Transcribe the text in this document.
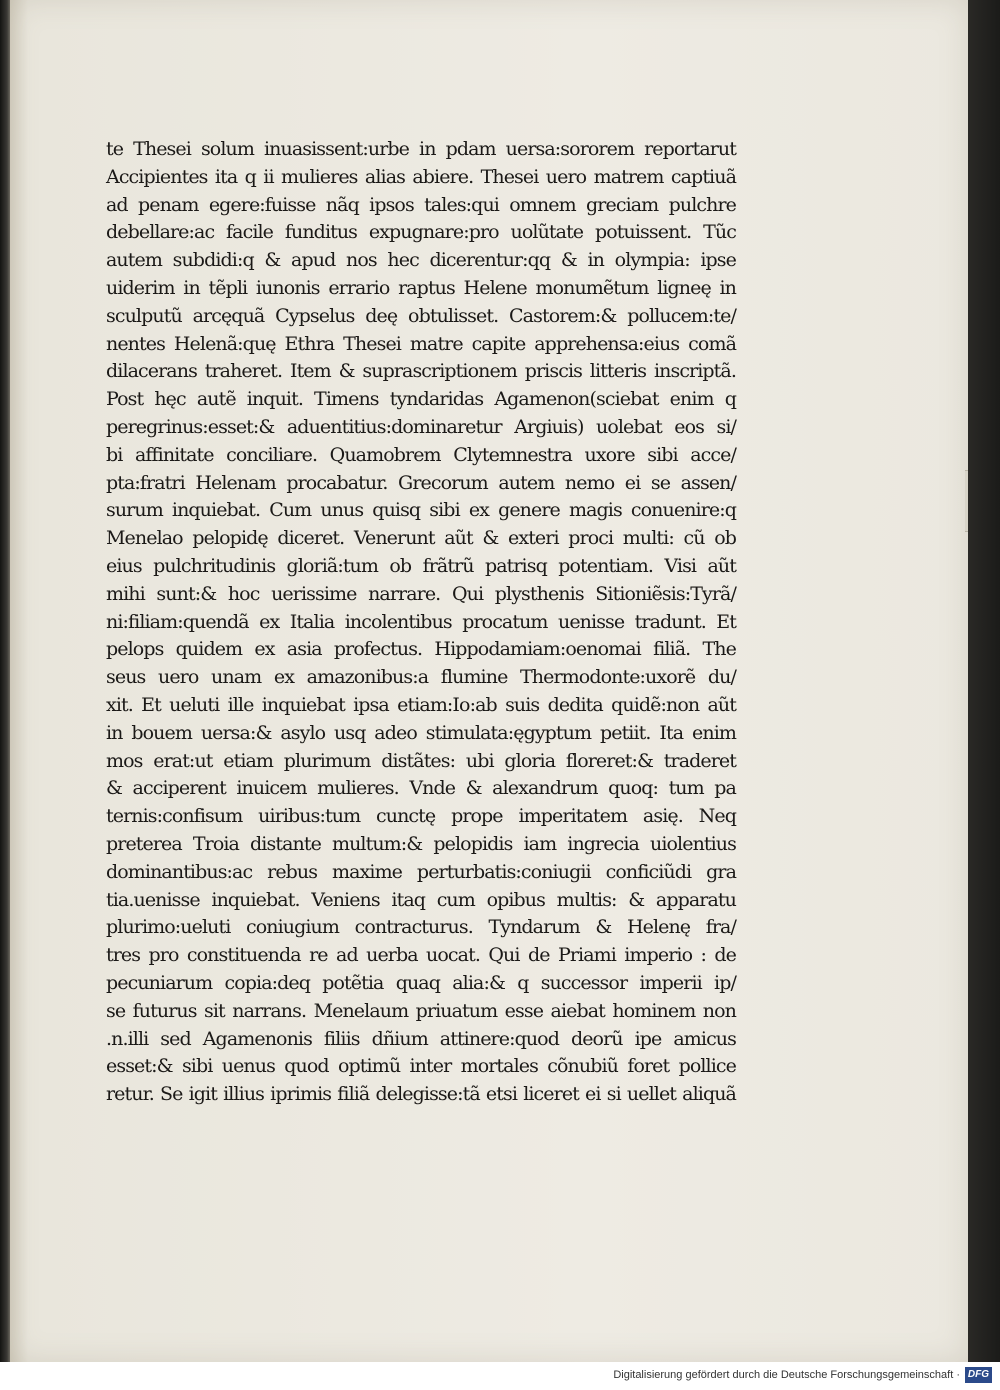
te Thesei solum inuasissent:urbe in pdam uersa:sororem reportarut

Accipientes ita q ii mulieres alias abiere. Thesei uero matrem captiuã

ad penam egere:fuisse nãq ipsos tales:qui omnem greciam pulchre

debellare:ac facile funditus expugnare:pro uolũtate potuissent. Tũc

autem subdidi:q & apud nos hec dicerentur:qq & in olympia: ipse

uiderim in tẽpli iunonis errario raptus Helene monumẽtum ligneę in

sculputũ arcęquã Cypselus deę obtulisset. Castorem:& pollucem:te/

nentes Helenã:quę Ethra Thesei matre capite apprehensa:eius comã

dilacerans traheret. Item & suprascriptionem priscis litteris inscriptã.

Post hęc autẽ inquit. Timens tyndaridas Agamenon(sciebat enim q

peregrinus:esset:& aduentitius:dominaretur Argiuis) uolebat eos si/

bi affinitate conciliare. Quamobrem Clytemnestra uxore sibi acce/

pta:fratri Helenam procabatur. Grecorum autem nemo ei se assen/

surum inquiebat. Cum unus quisq sibi ex genere magis conuenire:q

Menelao pelopidę diceret. Venerunt aũt & exteri proci multi: cũ ob

eius pulchritudinis gloriã:tum ob frãtrũ patrisq potentiam. Visi aũt

mihi sunt:& hoc uerissime narrare. Qui plysthenis Sitioniẽsis:Tyrã/

ni:filiam:quendã ex Italia incolentibus procatum uenisse tradunt. Et

pelops quidem ex asia profectus. Hippodamiam:oenomai filiã. The

seus uero unam ex amazonibus:a flumine Thermodonte:uxorẽ du/

xit. Et ueluti ille inquiebat ipsa etiam:Io:ab suis dedita quidẽ:non aũt

in bouem uersa:& asylo usq adeo stimulata:ęgyptum petiit. Ita enim

mos erat:ut etiam plurimum distãtes: ubi gloria floreret:& traderet

& acciperent inuicem mulieres. Vnde & alexandrum quoq: tum pa

ternis:confisum uiribus:tum cunctę prope imperitatem asię. Neq

preterea Troia distante multum:& pelopidis iam ingrecia uiolentius

dominantibus:ac rebus maxime perturbatis:coniugii conficiũdi gra

tia.uenisse inquiebat. Veniens itaq cum opibus multis: & apparatu

plurimo:ueluti coniugium contracturus. Tyndarum & Helenę fra/

tres pro constituenda re ad uerba uocat. Qui de Priami imperio : de

pecuniarum copia:deq potẽtia quaq alia:& q successor imperii ip/

se futurus sit narrans. Menelaum priuatum esse aiebat hominem non

.n.illi sed Agamenonis filiis dñium attinere:quod deorũ ipe amicus

esset:& sibi uenus quod optimũ inter mortales cõnubiũ foret pollice

retur. Se igit illius iprimis filiã delegisse:tã etsi liceret ei si uellet aliquã

Digitalisierung gefördert durch die Deutsche Forschungsgemeinschaft · DFG
